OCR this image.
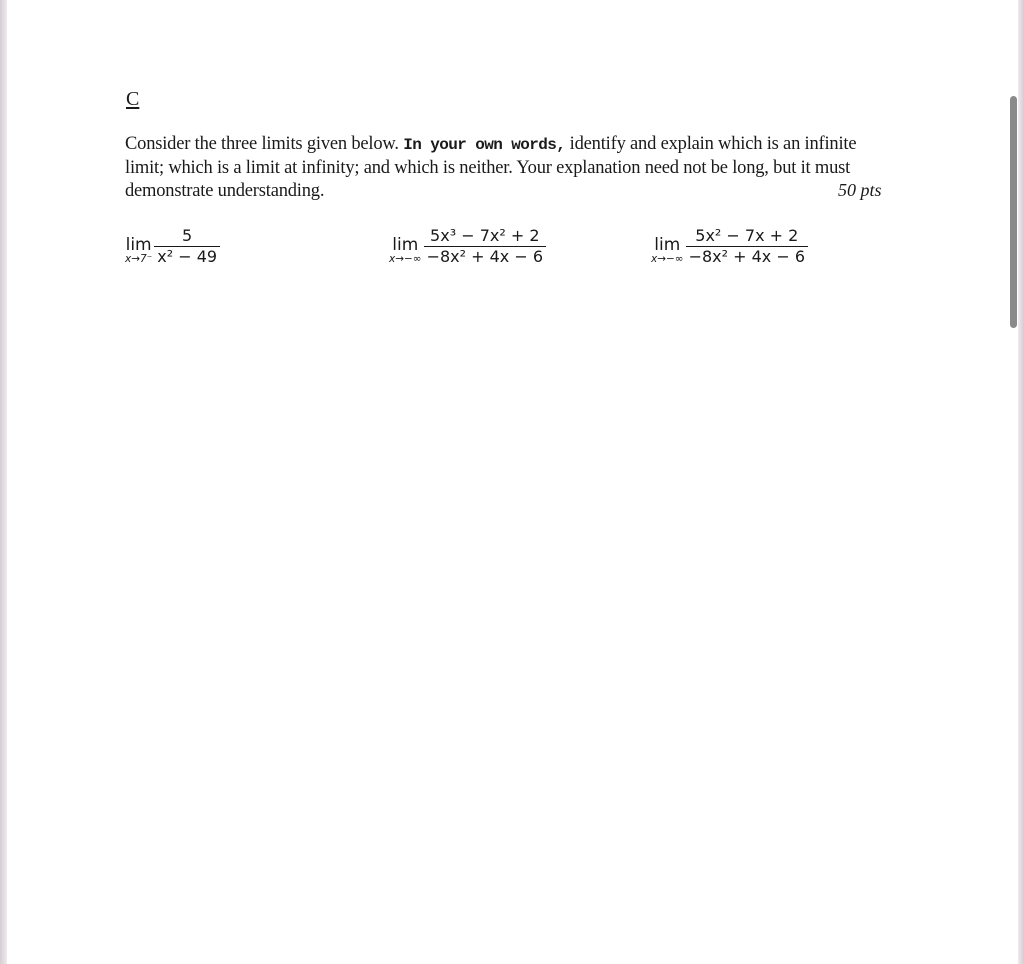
C
Consider the three limits given below. In your own words, identify and explain which is an infinite limit; which is a limit at infinity; and which is neither. Your explanation need not be long, but it must demonstrate understanding.	50 pts
lim
$x\to 7^- \frac{5}{\text{x² − 49}}$	lim
$x\to-\infty \frac{\text{5x³ − 7x² + 2}}{\text{−8x² + 4x − 6}}$	lim
$x\to-\infty \frac{\text{5x² − 7x + 2}}{\text{−8x² + 4x − 6}}$
